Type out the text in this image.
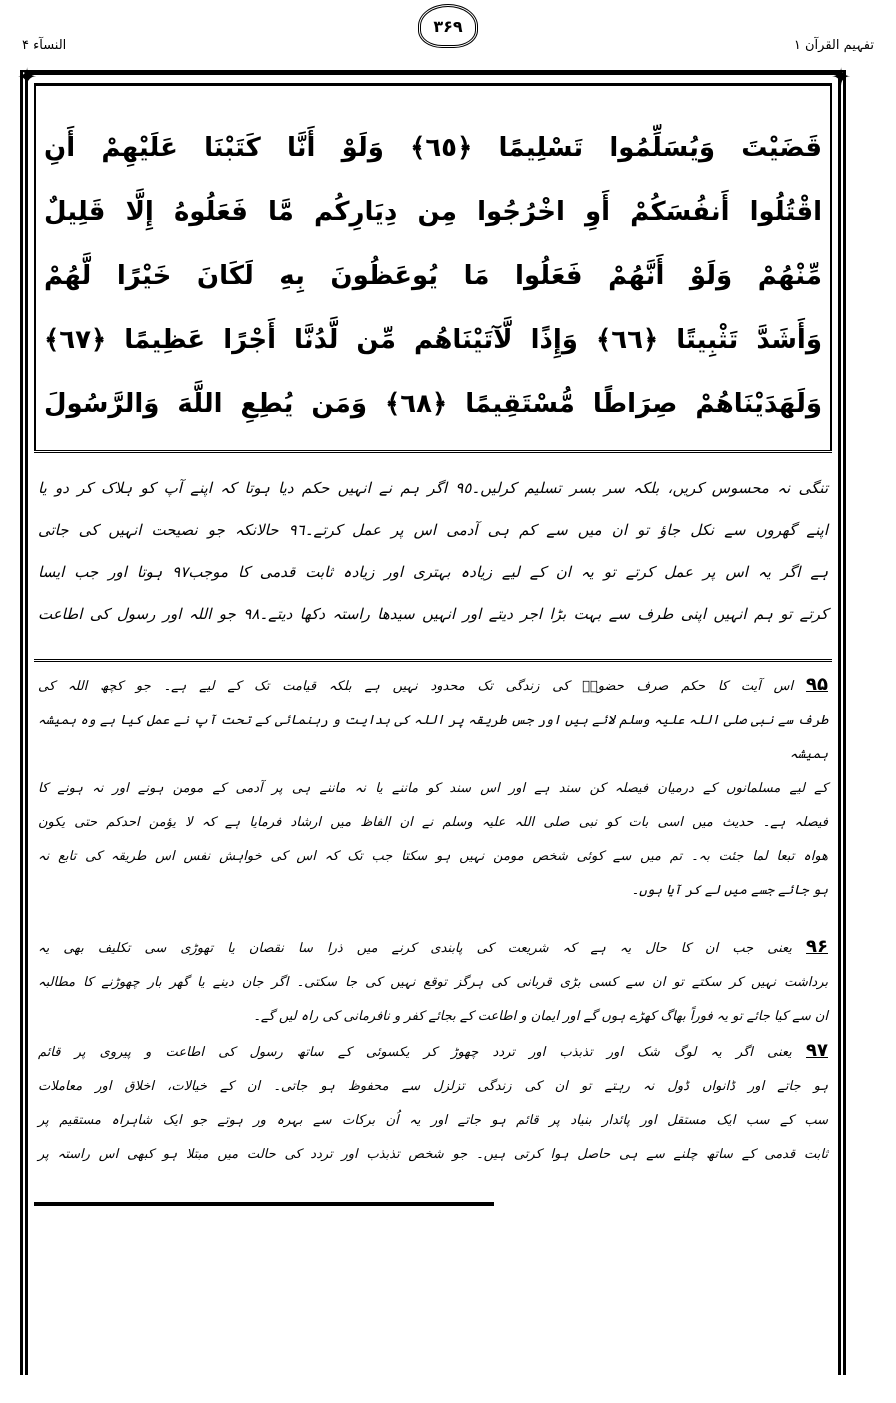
تفہیم القرآن ۱
النسآء ۴
۳۶۹
قَضَيْتَ وَيُسَلِّمُوا تَسْلِيمًا ﴿٦٥﴾ وَلَوْ أَنَّا كَتَبْنَا عَلَيْهِمْ أَنِ
اقْتُلُوا أَنفُسَكُمْ أَوِ اخْرُجُوا مِن دِيَارِكُم مَّا فَعَلُوهُ إِلَّا قَلِيلٌ
مِّنْهُمْ وَلَوْ أَنَّهُمْ فَعَلُوا مَا يُوعَظُونَ بِهِ لَكَانَ خَيْرًا لَّهُمْ
وَأَشَدَّ تَثْبِيتًا ﴿٦٦﴾ وَإِذًا لَّآتَيْنَاهُم مِّن لَّدُنَّا أَجْرًا عَظِيمًا ﴿٦٧﴾
وَلَهَدَيْنَاهُمْ صِرَاطًا مُّسْتَقِيمًا ﴿٦٨﴾ وَمَن يُطِعِ اللَّهَ وَالرَّسُولَ
تنگی نہ محسوس کریں، بلکہ سر بسر تسلیم کرلیں۔٩٥ اگر ہم نے انہیں حکم دیا ہوتا کہ اپنے آپ کو ہلاک کر دو یا
اپنے گھروں سے نکل جاؤ تو ان میں سے کم ہی آدمی اس پر عمل کرتے۔٩٦ حالانکہ جو نصیحت انہیں کی جاتی
ہے اگر یہ اس پر عمل کرتے تو یہ ان کے لیے زیادہ بہتری اور زیادہ ثابت قدمی کا موجب٩٧ ہوتا اور جب ایسا
کرتے تو ہم انہیں اپنی طرف سے بہت بڑا اجر دیتے اور انہیں سیدھا راستہ دکھا دیتے۔٩٨ جو اللہ اور رسول کی اطاعت
۹۵ اس آیت کا حکم صرف حضورؐ کی زندگی تک محدود نہیں ہے بلکہ قیامت تک کے لیے ہے۔ جو کچھ اللہ کی
طرف سے نبی صلی اللہ علیہ وسلم لائے ہیں اور جس طریقہ پر اللہ کی ہدایت و رہنمائی کے تحت آپ نے عمل کیا ہے وہ ہمیشہ ہمیشہ
کے لیے مسلمانوں کے درمیان فیصلہ کن سند ہے اور اس سند کو ماننے یا نہ ماننے ہی پر آدمی کے مومن ہونے اور نہ ہونے کا
فیصلہ ہے۔ حدیث میں اسی بات کو نبی صلی اللہ علیہ وسلم نے ان الفاظ میں ارشاد فرمایا ہے کہ لا یؤمن احدکم حتی یکون
ھواہ تبعا لما جئت بہ۔ تم میں سے کوئی شخص مومن نہیں ہو سکتا جب تک کہ اس کی خواہش نفس اس طریقہ کی تابع نہ
ہو جائے جسے میں لے کر آیا ہوں۔
۹۶ یعنی جب ان کا حال یہ ہے کہ شریعت کی پابندی کرنے میں ذرا سا نقصان یا تھوڑی سی تکلیف بھی یہ
برداشت نہیں کر سکتے تو ان سے کسی بڑی قربانی کی ہرگز توقع نہیں کی جا سکتی۔ اگر جان دینے یا گھر بار چھوڑنے کا مطالبہ
ان سے کیا جائے تو یہ فوراً بھاگ کھڑے ہوں گے اور ایمان و اطاعت کے بجائے کفر و نافرمانی کی راہ لیں گے۔
۹۷ یعنی اگر یہ لوگ شک اور تذبذب اور تردد چھوڑ کر یکسوئی کے ساتھ رسول کی اطاعت و پیروی پر قائم
ہو جاتے اور ڈانواں ڈول نہ رہتے تو ان کی زندگی تزلزل سے محفوظ ہو جاتی۔ ان کے خیالات، اخلاق اور معاملات
سب کے سب ایک مستقل اور پائدار بنیاد پر قائم ہو جاتے اور یہ اُن برکات سے بہرہ ور ہوتے جو ایک شاہراہ مستقیم پر
ثابت قدمی کے ساتھ چلنے سے ہی حاصل ہوا کرتی ہیں۔ جو شخص تذبذب اور تردد کی حالت میں مبتلا ہو کبھی اس راستہ پر
✦	✦
